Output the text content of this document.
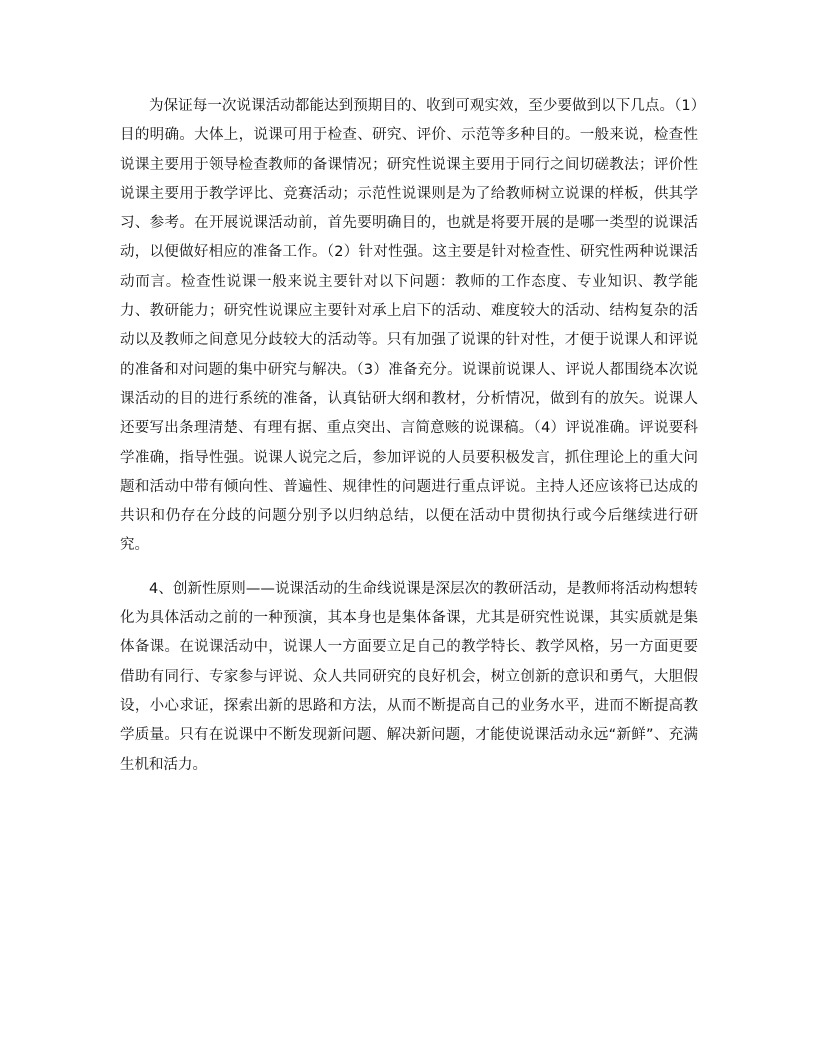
为保证每一次说课活动都能达到预期目的、收到可观实效，至少要做到以下几点。（1）目的明确。大体上，说课可用于检查、研究、评价、示范等多种目的。一般来说，检查性说课主要用于领导检查教师的备课情况；研究性说课主要用于同行之间切磋教法；评价性说课主要用于教学评比、竞赛活动；示范性说课则是为了给教师树立说课的样板，供其学习、参考。在开展说课活动前，首先要明确目的，也就是将要开展的是哪一类型的说课活动，以便做好相应的准备工作。（2）针对性强。这主要是针对检查性、研究性两种说课活动而言。检查性说课一般来说主要针对以下问题：教师的工作态度、专业知识、教学能力、教研能力；研究性说课应主要针对承上启下的活动、难度较大的活动、结构复杂的活动以及教师之间意见分歧较大的活动等。只有加强了说课的针对性，才便于说课人和评说的准备和对问题的集中研究与解决。（3）准备充分。说课前说课人、评说人都围绕本次说课活动的目的进行系统的准备，认真钻研大纲和教材，分析情况，做到有的放矢。说课人还要写出条理清楚、有理有据、重点突出、言简意赅的说课稿。（4）评说准确。评说要科学准确，指导性强。说课人说完之后，参加评说的人员要积极发言，抓住理论上的重大问题和活动中带有倾向性、普遍性、规律性的问题进行重点评说。主持人还应该将已达成的共识和仍存在分歧的问题分别予以归纳总结，以便在活动中贯彻执行或今后继续进行研究。

4、创新性原则——说课活动的生命线说课是深层次的教研活动，是教师将活动构想转化为具体活动之前的一种预演，其本身也是集体备课，尤其是研究性说课，其实质就是集体备课。在说课活动中，说课人一方面要立足自己的教学特长、教学风格，另一方面更要借助有同行、专家参与评说、众人共同研究的良好机会，树立创新的意识和勇气，大胆假设，小心求证，探索出新的思路和方法，从而不断提高自己的业务水平，进而不断提高教学质量。只有在说课中不断发现新问题、解决新问题，才能使说课活动永远“新鲜”、充满生机和活力。
